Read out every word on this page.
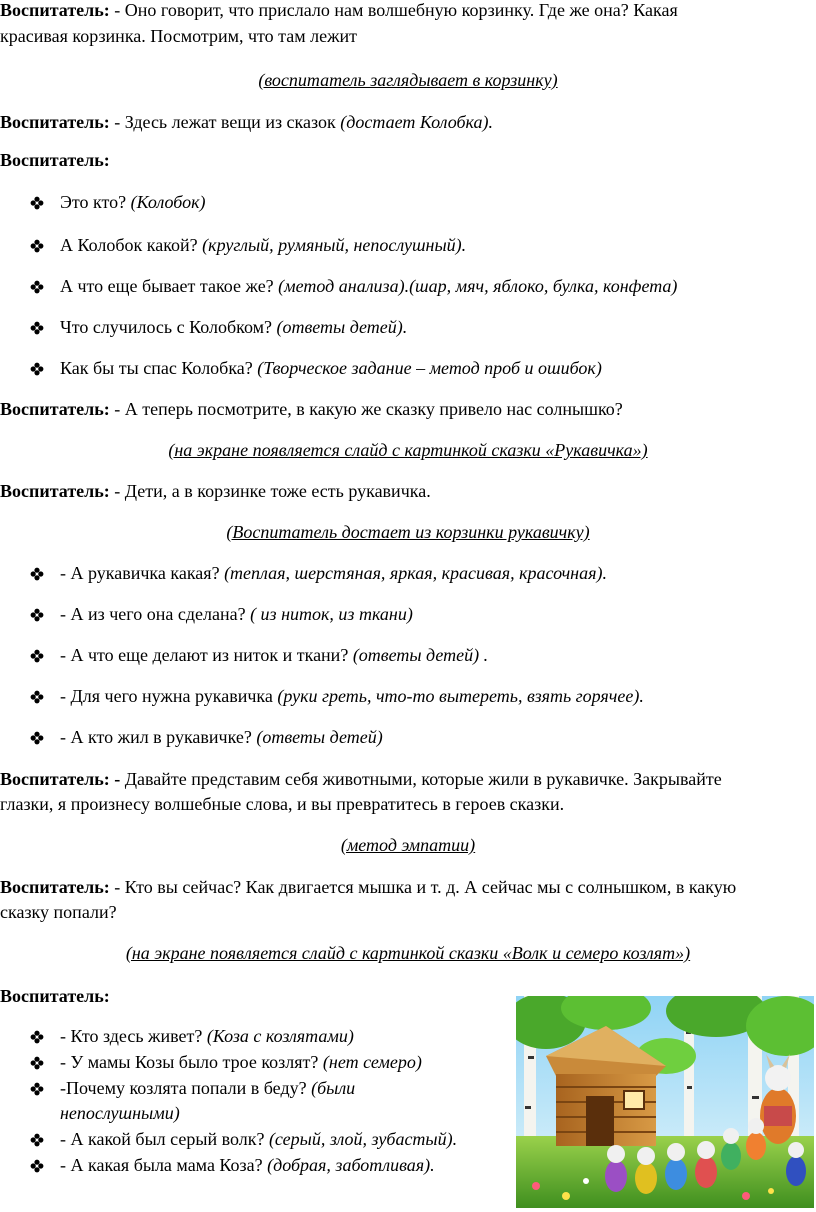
Воспитатель: - Оно говорит, что прислало нам волшебную корзинку. Где же она? Какая
красивая корзинка. Посмотрим, что там лежит
(воспитатель заглядывает в корзинку)
Воспитатель: - Здесь лежат вещи из сказок (достает Колобка).
Воспитатель:
Это кто? (Колобок)
А Колобок какой? (круглый, румяный, непослушный).
А что еще бывает такое же? (метод анализа).(шар, мяч, яблоко, булка, конфета)
Что случилось с Колобком? (ответы детей).
Как бы ты спас Колобка? (Творческое задание – метод проб и ошибок)
Воспитатель: - А теперь посмотрите, в какую же сказку привело нас солнышко?
(на экране появляется слайд с картинкой сказки «Рукавичка»)
Воспитатель: - Дети, а в корзинке тоже есть рукавичка.
(Воспитатель достает из корзинки рукавичку)
- А рукавичка какая? (теплая, шерстяная, яркая, красивая, красочная).
- А из чего она сделана? ( из ниток, из ткани)
- А что еще делают из ниток и ткани? (ответы детей) .
- Для чего нужна рукавичка (руки греть, что-то вытереть, взять горячее).
- А кто жил в рукавичке? (ответы детей)
Воспитатель: - Давайте представим себя животными, которые жили в рукавичке. Закрывайте
глазки, я произнесу волшебные слова, и вы превратитесь в героев сказки.
(метод эмпатии)
Воспитатель: - Кто вы сейчас? Как двигается мышка и т. д. А сейчас мы с солнышком, в какую
сказку попали?
(на экране появляется слайд с картинкой сказки «Волк и семеро козлят»)
Воспитатель:
- Кто здесь живет? (Коза с козлятами)
- У мамы Козы было трое козлят? (нет семеро)
-Почему козлята попали в беду? (были
непослушными)
- А какой был серый волк? (серый, злой, зубастый).
- А какая была мама Коза? (добрая, заботливая).
